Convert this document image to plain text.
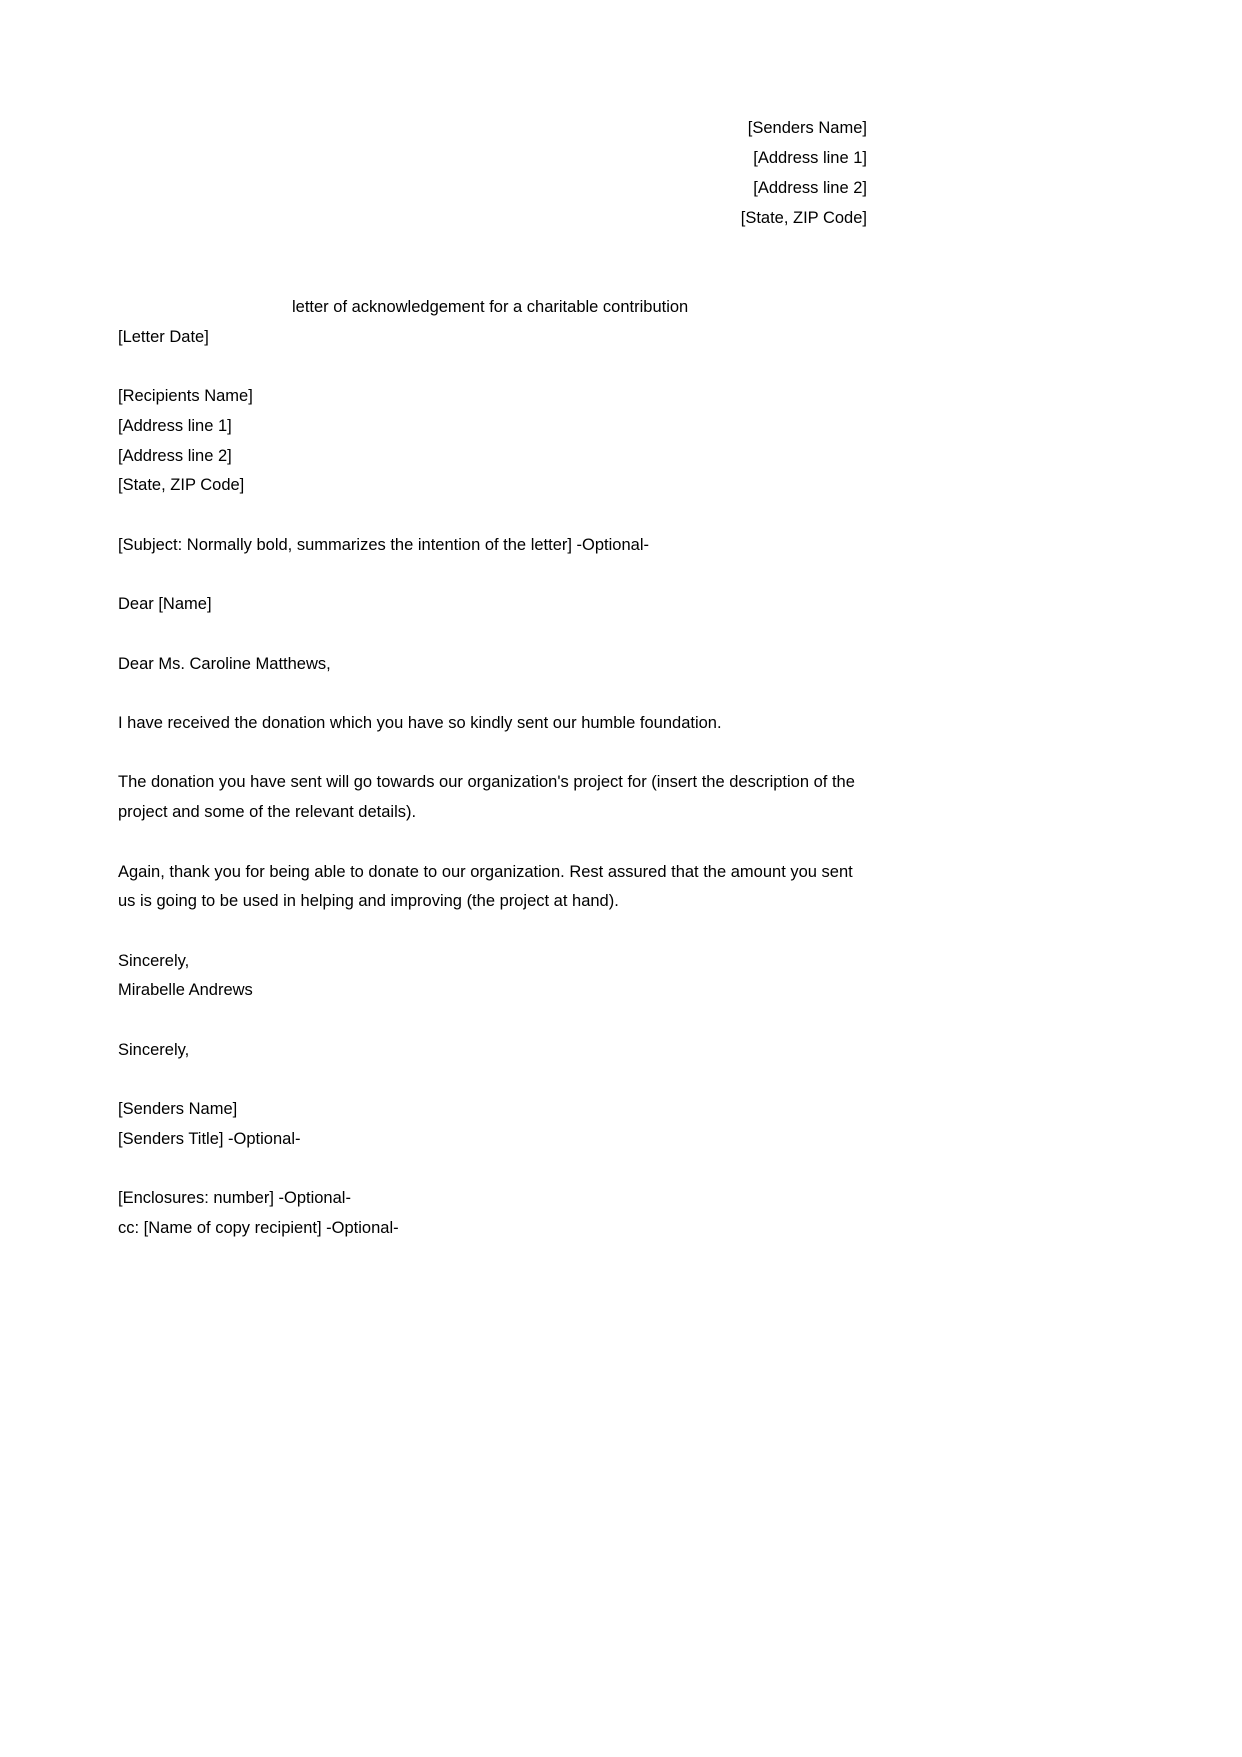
[Senders Name]
[Address line 1]
[Address line 2]
[State, ZIP Code]
letter of acknowledgement for a charitable contribution
[Letter Date]
[Recipients Name]
[Address line 1]
[Address line 2]
[State, ZIP Code]
[Subject: Normally bold, summarizes the intention of the letter] -Optional-
Dear [Name]
Dear Ms. Caroline Matthews,
I have received the donation which you have so kindly sent our humble foundation.
The donation you have sent will go towards our organization's project for (insert the description of the
project and some of the relevant details).
Again, thank you for being able to donate to our organization. Rest assured that the amount you sent
us is going to be used in helping and improving (the project at hand).
Sincerely,
Mirabelle Andrews
Sincerely,
[Senders Name]
[Senders Title] -Optional-
[Enclosures: number] -Optional-
cc: [Name of copy recipient] -Optional-
